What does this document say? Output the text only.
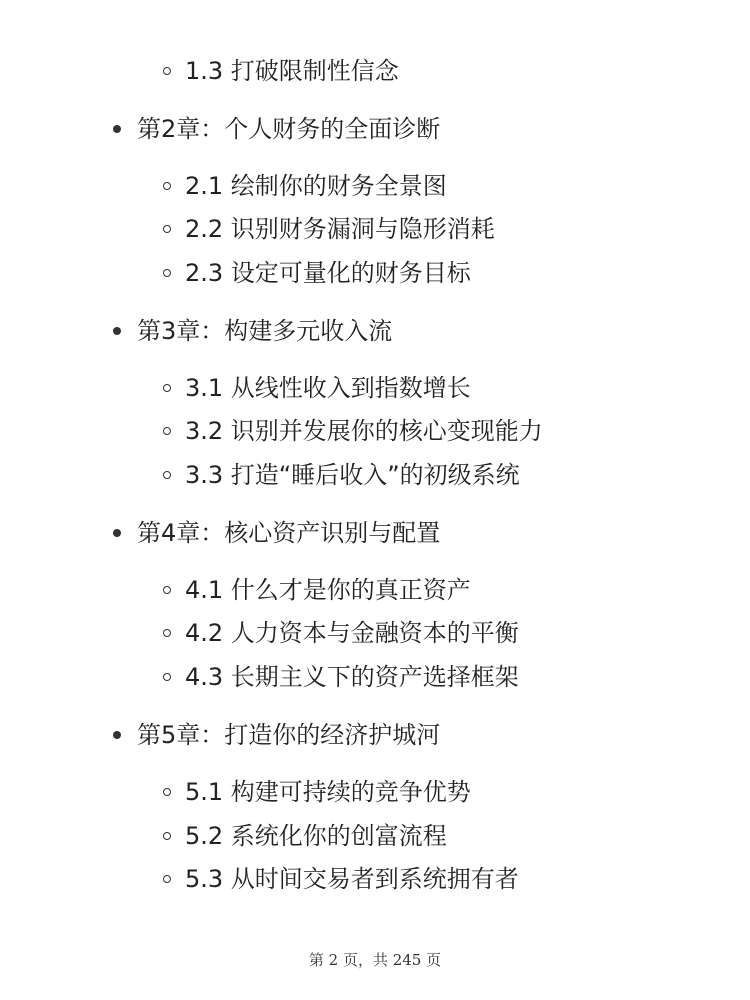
1.3 打破限制性信念
第2章：个人财务的全面诊断
2.1 绘制你的财务全景图
2.2 识别财务漏洞与隐形消耗
2.3 设定可量化的财务目标
第3章：构建多元收入流
3.1 从线性收入到指数增长
3.2 识别并发展你的核心变现能力
3.3 打造“睡后收入”的初级系统
第4章：核心资产识别与配置
4.1 什么才是你的真正资产
4.2 人力资本与金融资本的平衡
4.3 长期主义下的资产选择框架
第5章：打造你的经济护城河
5.1 构建可持续的竞争优势
5.2 系统化你的创富流程
5.3 从时间交易者到系统拥有者
第 2 页，共 245 页
